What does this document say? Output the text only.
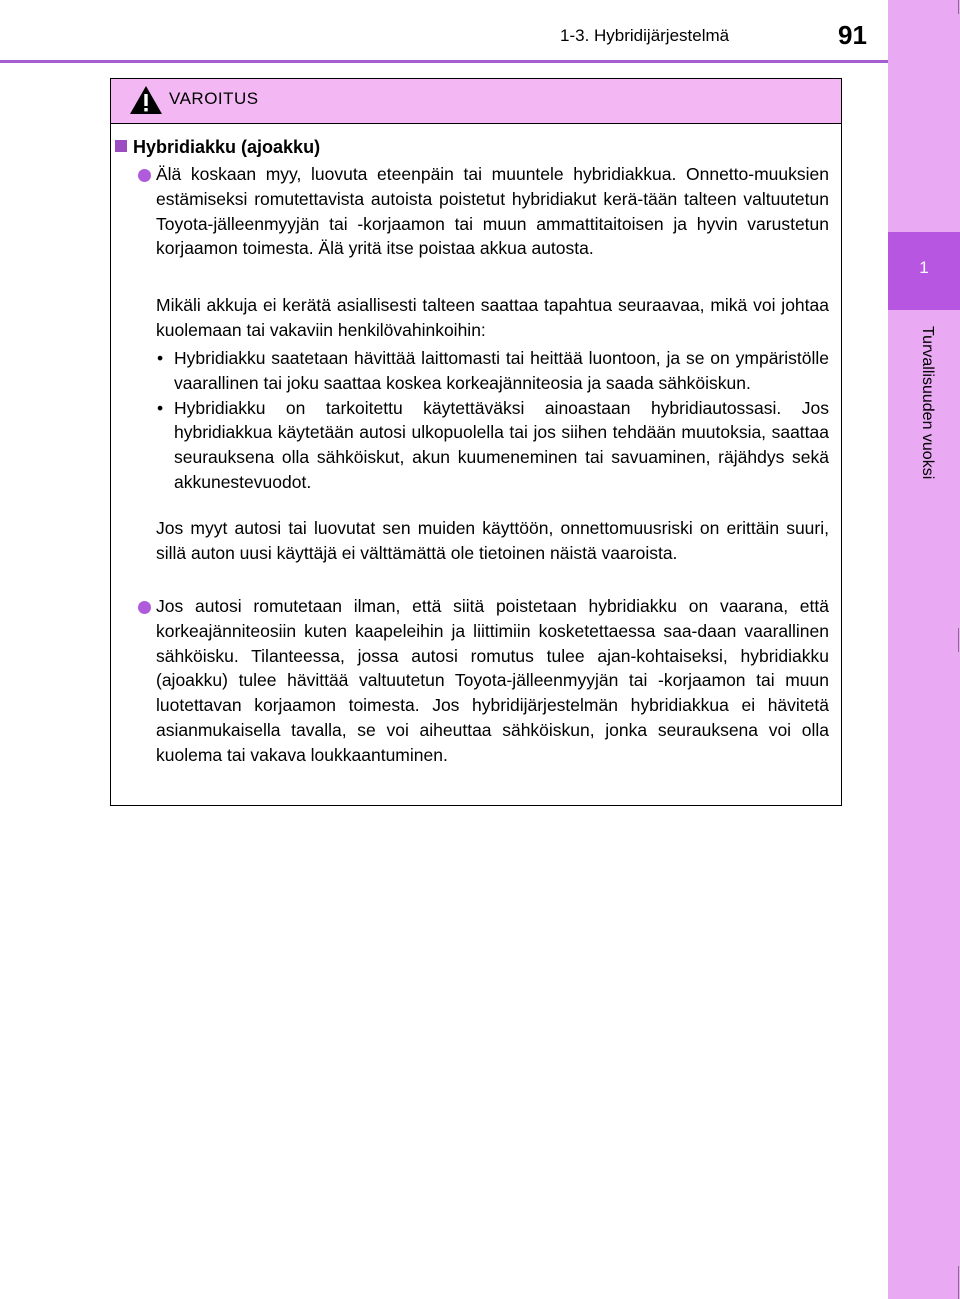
1-3. Hybridijärjestelmä	91
1
Turvallisuuden vuoksi
VAROITUS
Hybridiakku (ajoakku)
Älä koskaan myy, luovuta eteenpäin tai muuntele hybridiakkua. Onnetto-muuksien estämiseksi romutettavista autoista poistetut hybridiakut kerä-tään talteen valtuutetun Toyota-jälleenmyyjän tai -korjaamon tai muun ammattitaitoisen ja hyvin varustetun korjaamon toimesta. Älä yritä itse poistaa akkua autosta.
Mikäli akkuja ei kerätä asiallisesti talteen saattaa tapahtua seuraavaa, mikä voi johtaa kuolemaan tai vakaviin henkilövahinkoihin:
• Hybridiakku saatetaan hävittää laittomasti tai heittää luontoon, ja se on ympäristölle vaarallinen tai joku saattaa koskea korkeajänniteosia ja saada sähköiskun.
• Hybridiakku on tarkoitettu käytettäväksi ainoastaan hybridiautossasi. Jos hybridiakkua käytetään autosi ulkopuolella tai jos siihen tehdään muutoksia, saattaa seurauksena olla sähköiskut, akun kuumeneminen tai savuaminen, räjähdys sekä akkunestevuodot.
Jos myyt autosi tai luovutat sen muiden käyttöön, onnettomuusriski on erittäin suuri, sillä auton uusi käyttäjä ei välttämättä ole tietoinen näistä vaaroista.
Jos autosi romutetaan ilman, että siitä poistetaan hybridiakku on vaarana, että korkeajänniteosiin kuten kaapeleihin ja liittimiin kosketettaessa saa-daan vaarallinen sähköisku. Tilanteessa, jossa autosi romutus tulee ajan-kohtaiseksi, hybridiakku (ajoakku) tulee hävittää valtuutetun Toyota-jälleenmyyjän tai -korjaamon tai muun luotettavan korjaamon toimesta. Jos hybridijärjestelmän hybridiakkua ei hävitetä asianmukaisella tavalla, se voi aiheuttaa sähköiskun, jonka seurauksena voi olla kuolema tai vakava loukkaantuminen.
